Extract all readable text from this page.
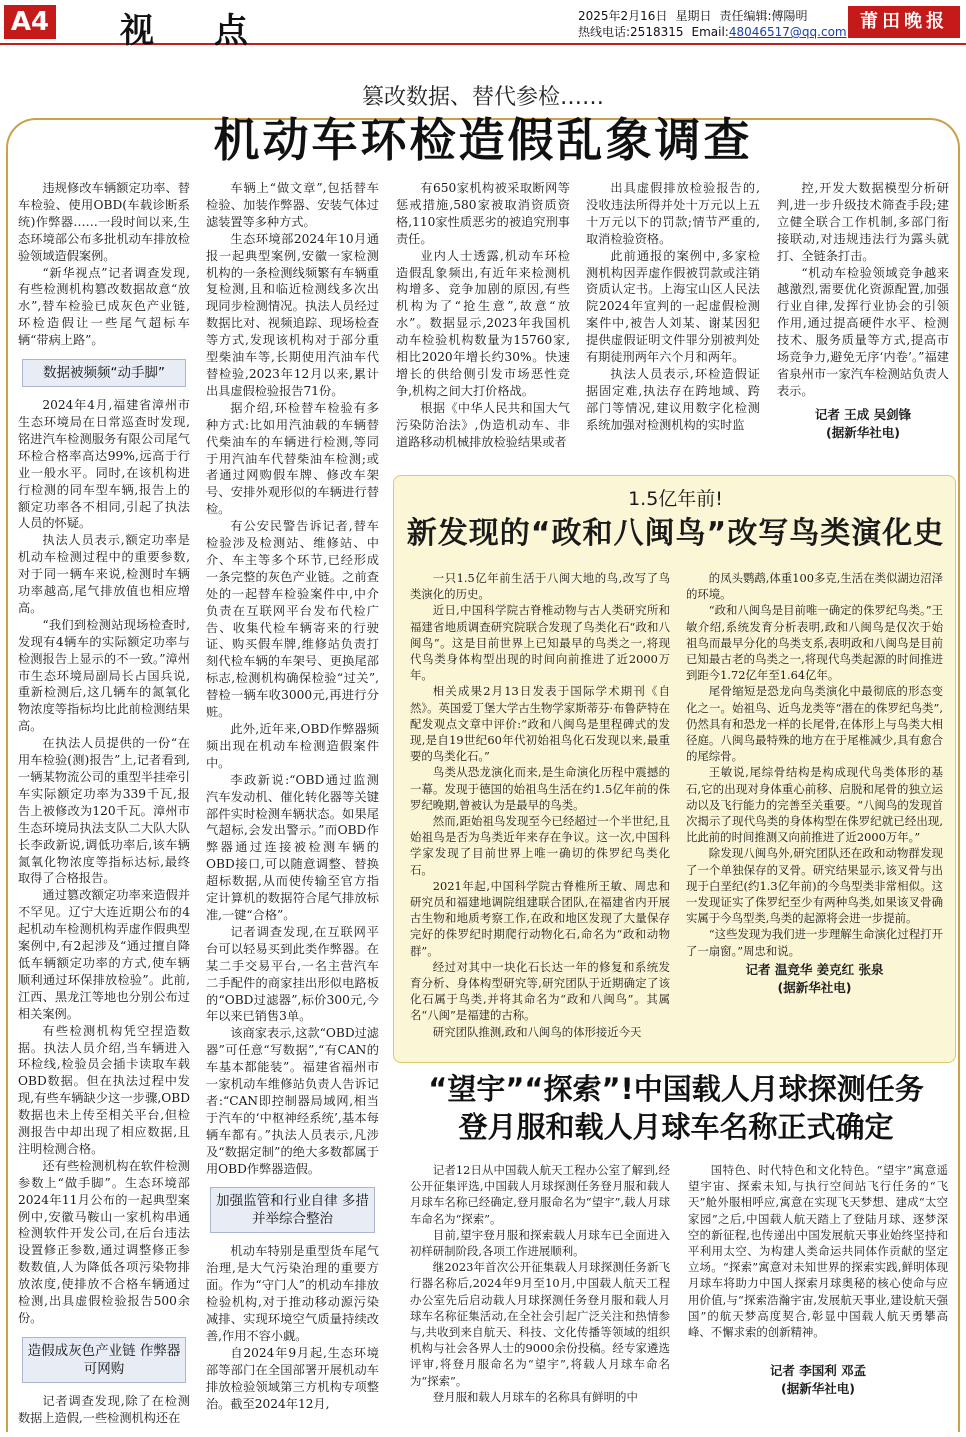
A4 视 点	2025年2月16日 星期日 责任编辑:傅陽明
热线电话:2518315 Email:48046517@qq.com 莆田晚报
篡改数据、替代参检……
机动车环检造假乱象调查

违规修改车辆额定功率、替车检验、使用OBD(车载诊断系统)作弊器……一段时间以来,生态环境部公布多批机动车排放检验领域造假案例。

“新华视点”记者调查发现,有些检测机构篡改数据故意“放水”,替车检验已成灰色产业链,环检造假让一些尾气超标车辆“带病上路”。

数据被频频“动手脚”

2024年4月,福建省漳州市生态环境局在日常巡查时发现,铭进汽车检测服务有限公司尾气环检合格率高达99%,远高于行业一般水平。同时,在该机构进行检测的同车型车辆,报告上的额定功率各不相同,引起了执法人员的怀疑。

执法人员表示,额定功率是机动车检测过程中的重要参数,对于同一辆车来说,检测时车辆功率越高,尾气排放值也相应增高。

“我们到检测站现场检查时,发现有4辆车的实际额定功率与检测报告上显示的不一致。”漳州市生态环境局副局长占国兵说,重新检测后,这几辆车的氮氧化物浓度等指标均比此前检测结果高。

在执法人员提供的一份“在用车检验(测)报告”上,记者看到,一辆某物流公司的重型半挂牵引车实际额定功率为339千瓦,报告上被修改为120千瓦。漳州市生态环境局执法支队二大队大队长李政新说,调低功率后,该车辆氮氧化物浓度等指标达标,最终取得了合格报告。

通过篡改额定功率来造假并不罕见。辽宁大连近期公布的4起机动车检测机构弄虚作假典型案例中,有2起涉及“通过擅自降低车辆额定功率的方式,使车辆顺利通过环保排放检验”。此前,江西、黑龙江等地也分别公布过相关案例。

有些检测机构凭空捏造数据。执法人员介绍,当车辆进入环检线,检验员会插卡读取车载OBD数据。但在执法过程中发现,有些车辆缺少这一步骤,OBD数据也未上传至相关平台,但检测报告中却出现了相应数据,且注明检测合格。

还有些检测机构在软件检测参数上“做手脚”。生态环境部2024年11月公布的一起典型案例中,安徽马鞍山一家机构串通检测软件开发公司,在后台违法设置修正参数,通过调整修正参数数值,人为降低各项污染物排放浓度,使排放不合格车辆通过检测,出具虚假检验报告500余份。

造假成灰色产业链 作弊器可网购

记者调查发现,除了在检测数据上造假,一些检测机构还在

车辆上“做文章”,包括替车检验、加装作弊器、安装气体过滤装置等多种方式。

生态环境部2024年10月通报一起典型案例,安徽一家检测机构的一条检测线频繁有车辆重复检测,且和临近检测线多次出现同步检测情况。执法人员经过数据比对、视频追踪、现场检查等方式,发现该机构对于部分重型柴油车等,长期使用汽油车代替检验,2023年12月以来,累计出具虚假检验报告71份。

据介绍,环检替车检验有多种方式:比如用汽油载的车辆替代柴油车的车辆进行检测,等同于用汽油车代替柴油车检测;或者通过网购假车牌、修改车架号、安排外观形似的车辆进行替检。

有公安民警告诉记者,替车检验涉及检测站、维修站、中介、车主等多个环节,已经形成一条完整的灰色产业链。之前查处的一起替车检验案件中,中介负责在互联网平台发布代检广告、收集代检车辆寄来的行驶证、购买假车牌,维修站负责打刻代检车辆的车架号、更换尾部标志,检测机构确保检验“过关”,替检一辆车收3000元,再进行分赃。

此外,近年来,OBD作弊器频频出现在机动车检测造假案件中。

李政新说:“OBD通过监测汽车发动机、催化转化器等关键部件实时检测车辆状态。如果尾气超标,会发出警示。”而OBD作弊器通过连接被检测车辆的OBD接口,可以随意调整、替换超标数据,从而使传输至官方指定计算机的数据符合尾气排放标准,一键“合格”。

记者调查发现,在互联网平台可以轻易买到此类作弊器。在某二手交易平台,一名主营汽车二手配件的商家挂出形似电路板的“OBD过滤器”,标价300元,今年以来已销售3单。

该商家表示,这款“OBD过滤器”可任意“写数据”,“有CAN的车基本都能装”。福建省福州市一家机动车维修站负责人告诉记者:“CAN即控制器局域网,相当于汽车的‘中枢神经系统’,基本每辆车都有。”执法人员表示,凡涉及“数据定制”的绝大多数都属于用OBD作弊器造假。

加强监管和行业自律 多措并举综合整治

机动车特别是重型货车尾气治理,是大气污染治理的重要方面。作为“守门人”的机动车排放检验机构,对于推动移动源污染减排、实现环境空气质量持续改善,作用不容小觑。

自2024年9月起,生态环境部等部门在全国部署开展机动车排放检验领域第三方机构专项整治。截至2024年12月,

有650家机构被采取断网等惩戒措施,580家被取消资质资格,110家性质恶劣的被追究刑事责任。

业内人士透露,机动车环检造假乱象频出,有近年来检测机构增多、竞争加剧的原因,有些机构为了“抢生意”,故意“放水”。数据显示,2023年我国机动车检验机构数量为15760家,相比2020年增长约30%。快速增长的供给侧引发市场恶性竞争,机构之间大打价格战。

根据《中华人民共和国大气污染防治法》,伪造机动车、非道路移动机械排放检验结果或者

出具虚假排放检验报告的,没收违法所得并处十万元以上五十万元以下的罚款;情节严重的,取消检验资格。

此前通报的案例中,多家检测机构因弄虚作假被罚款或注销资质认定书。上海宝山区人民法院2024年宣判的一起虚假检测案件中,被告人刘某、谢某因犯提供虚假证明文件罪分别被判处有期徒刑两年六个月和两年。

执法人员表示,环检造假证据固定难,执法存在跨地域、跨部门等情况,建议用数字化检测系统加强对检测机构的实时监

控,开发大数据模型分析研判,进一步升级技术筛查手段;建立健全联合工作机制,多部门衔接联动,对违规违法行为露头就打、全链条打击。

“机动车检验领域竞争越来越激烈,需要优化资源配置,加强行业自律,发挥行业协会的引领作用,通过提高硬件水平、检测技术、服务质量等方式,提高市场竞争力,避免无序‘内卷’。”福建省泉州市一家汽车检测站负责人表示。

记者 王成 吴剑锋
(据新华社电)
1.5亿年前!
新发现的“政和八闽鸟”改写鸟类演化史

一只1.5亿年前生活于八闽大地的鸟,改写了鸟类演化的历史。

近日,中国科学院古脊椎动物与古人类研究所和福建省地质调查研究院联合发现了鸟类化石“政和八闽鸟”。这是目前世界上已知最早的鸟类之一,将现代鸟类身体构型出现的时间向前推进了近2000万年。

相关成果2月13日发表于国际学术期刊《自然》。英国爱丁堡大学古生物学家斯蒂芬·布鲁萨特在配发观点文章中评价:“政和八闽鸟是里程碑式的发现,是自19世纪60年代初始祖鸟化石发现以来,最重要的鸟类化石。”

鸟类从恐龙演化而来,是生命演化历程中震撼的一幕。发现于德国的始祖鸟生活在约1.5亿年前的侏罗纪晚期,曾被认为是最早的鸟类。

然而,距始祖鸟发现至今已经超过一个半世纪,且始祖鸟是否为鸟类近年来存在争议。这一次,中国科学家发现了目前世界上唯一确切的侏罗纪鸟类化石。

2021年起,中国科学院古脊椎所王敏、周忠和研究员和福建地调院组建联合团队,在福建省内开展古生物和地质考察工作,在政和地区发现了大量保存完好的侏罗纪时期爬行动物化石,命名为“政和动物群”。

经过对其中一块化石长达一年的修复和系统发育分析、身体构型研究等,研究团队于近期确定了该化石属于鸟类,并将其命名为“政和八闽鸟”。其属名“八闽”是福建的古称。

研究团队推测,政和八闽鸟的体形接近今天

的凤头鹦鹉,体重100多克,生活在类似湖边沼泽的环境。

“政和八闽鸟是目前唯一确定的侏罗纪鸟类。”王敏介绍,系统发育分析表明,政和八闽鸟是仅次于始祖鸟而最早分化的鸟类支系,表明政和八闽鸟是目前已知最古老的鸟类之一,将现代鸟类起源的时间推进到距今1.72亿年至1.64亿年。

尾骨缩短是恐龙向鸟类演化中最彻底的形态变化之一。始祖鸟、近鸟龙类等“潜在的侏罗纪鸟类”,仍然具有和恐龙一样的长尾骨,在体形上与鸟类大相径庭。八闽鸟最特殊的地方在于尾椎减少,具有愈合的尾综骨。

王敏说,尾综骨结构是构成现代鸟类体形的基石,它的出现对身体重心前移、启脱和尾骨的独立运动以及飞行能力的完善至关重要。“八闽鸟的发现首次揭示了现代鸟类的身体构型在侏罗纪就已经出现,比此前的时间推测又向前推进了近2000万年。”

除发现八闽鸟外,研究团队还在政和动物群发现了一个单独保存的叉骨。研究结果显示,该叉骨与出现于白垩纪(约1.3亿年前)的今鸟型类非常相似。这一发现证实了侏罗纪至少有两种鸟类,如果该叉骨确实属于今鸟型类,鸟类的起源将会进一步提前。

“这些发现为我们进一步理解生命演化过程打开了一扇窗。”周忠和说。

记者 温竞华 姜克红 张泉
(据新华社电)
“望宇”“探索”!中国载人月球探测任务
登月服和载人月球车名称正式确定

记者12日从中国载人航天工程办公室了解到,经公开征集评选,中国载人月球探测任务登月服和载人月球车名称已经确定,登月服命名为“望宇”,载人月球车命名为“探索”。

目前,望宇登月服和探索载人月球车已全面进入初样研制阶段,各项工作进展顺利。

继2023年首次公开征集载人月球探测任务新飞行器名称后,2024年9月至10月,中国载人航天工程办公室先后启动载人月球探测任务登月服和载人月球车名称征集活动,在全社会引起广泛关注和热情参与,共收到来自航天、科技、文化传播等领域的组织机构与社会各界人士的9000余份投稿。经专家遴选评审,将登月服命名为“望宇”,将载人月球车命名为“探索”。

登月服和载人月球车的名称具有鲜明的中

国特色、时代特色和文化特色。“望宇”寓意遥望宇宙、探索未知,与执行空间站飞行任务的“飞天”舱外服相呼应,寓意在实现飞天梦想、建成“太空家园”之后,中国载人航天踏上了登陆月球、逐梦深空的新征程,也传递出中国发展航天事业始终坚持和平利用太空、为构建人类命运共同体作贡献的坚定立场。“探索”寓意对未知世界的探索实践,鲜明体现月球车将助力中国人探索月球奥秘的核心使命与应用价值,与“探索浩瀚宇宙,发展航天事业,建设航天强国”的航天梦高度契合,彰显中国载人航天勇攀高峰、不懈求索的创新精神。

记者 李国利 邓孟
(据新华社电)
